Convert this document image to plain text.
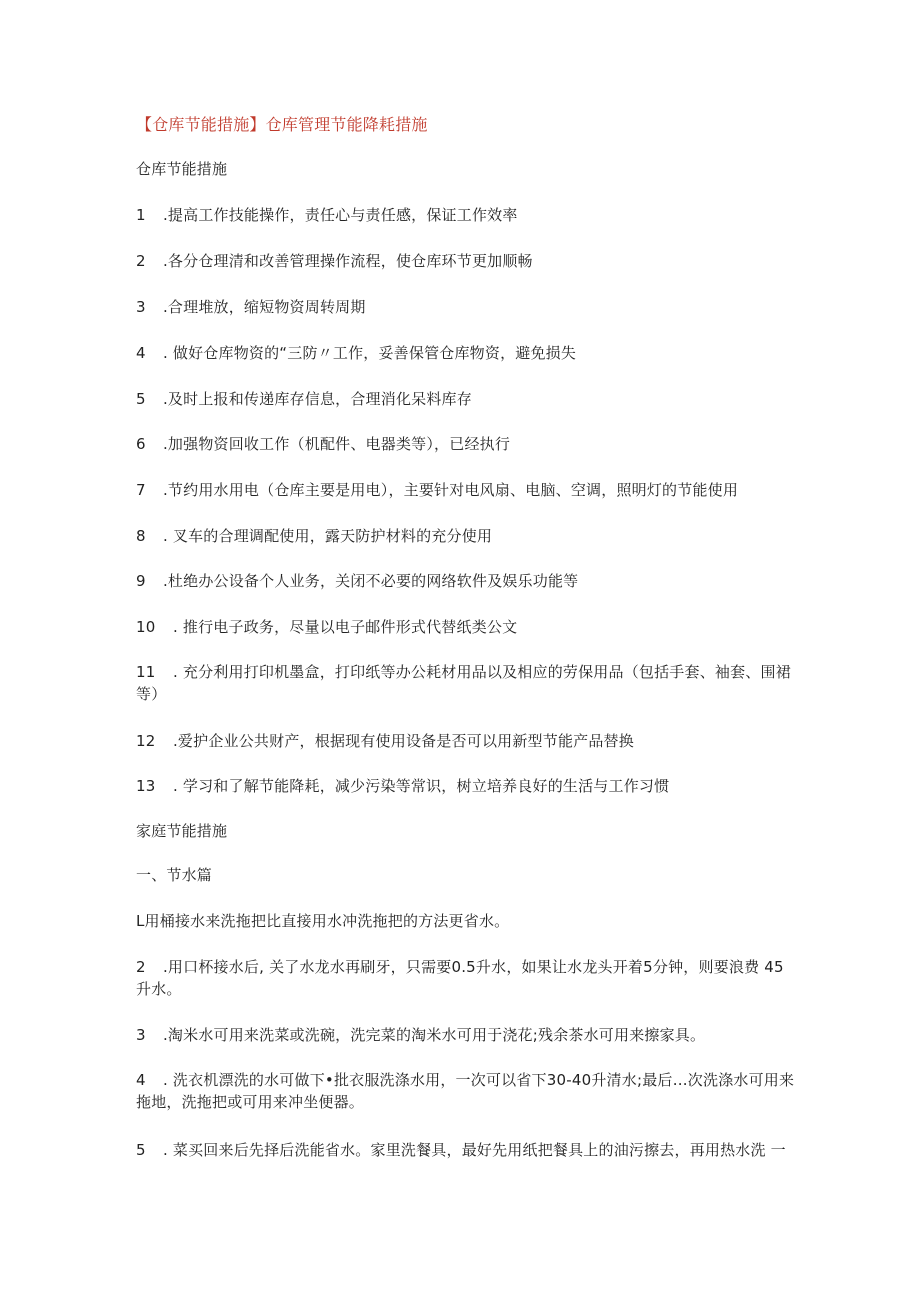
【仓库节能措施】仓库管理节能降耗措施
仓库节能措施
1 .提高工作技能操作，责任心与责任感，保证工作效率
2 .各分仓理清和改善管理操作流程，使仓库环节更加顺畅
3 .合理堆放，缩短物资周转周期
4 . 做好仓库物资的“三防〃工作，妥善保管仓库物资，避免损失
5 .及时上报和传递库存信息，合理消化呆料库存
6 .加强物资回收工作（机配件、电器类等），已经执行
7 .节约用水用电（仓库主要是用电），主要针对电风扇、电脑、空调，照明灯的节能使用
8 . 叉车的合理调配使用，露天防护材料的充分使用
9 .杜绝办公设备个人业务，关闭不必要的网络软件及娱乐功能等
10 . 推行电子政务，尽量以电子邮件形式代替纸类公文
11 . 充分利用打印机墨盒，打印纸等办公耗材用品以及相应的劳保用品（包括手套、袖套、围裙等）
12 .爱护企业公共财产，根据现有使用设备是否可以用新型节能产品替换
13 . 学习和了解节能降耗，减少污染等常识，树立培养良好的生活与工作习惯
家庭节能措施
一、节水篇
L用桶接水来洗拖把比直接用水冲洗拖把的方法更省水。
2 .用口杯接水后, 关了水龙水再刷牙，只需要0.5升水，如果让水龙头开着5分钟，则要浪费 45升水。
3 .淘米水可用来洗菜或洗碗，洗完菜的淘米水可用于浇花;残余茶水可用来擦家具。
4 . 洗衣机漂洗的水可做下•批衣服洗涤水用，一次可以省下30-40升清水;最后…次洗涤水可用来拖地，洗拖把或可用来冲坐便器。
5 . 菜买回来后先择后洗能省水。家里洗餐具，最好先用纸把餐具上的油污擦去，再用热水洗 一
